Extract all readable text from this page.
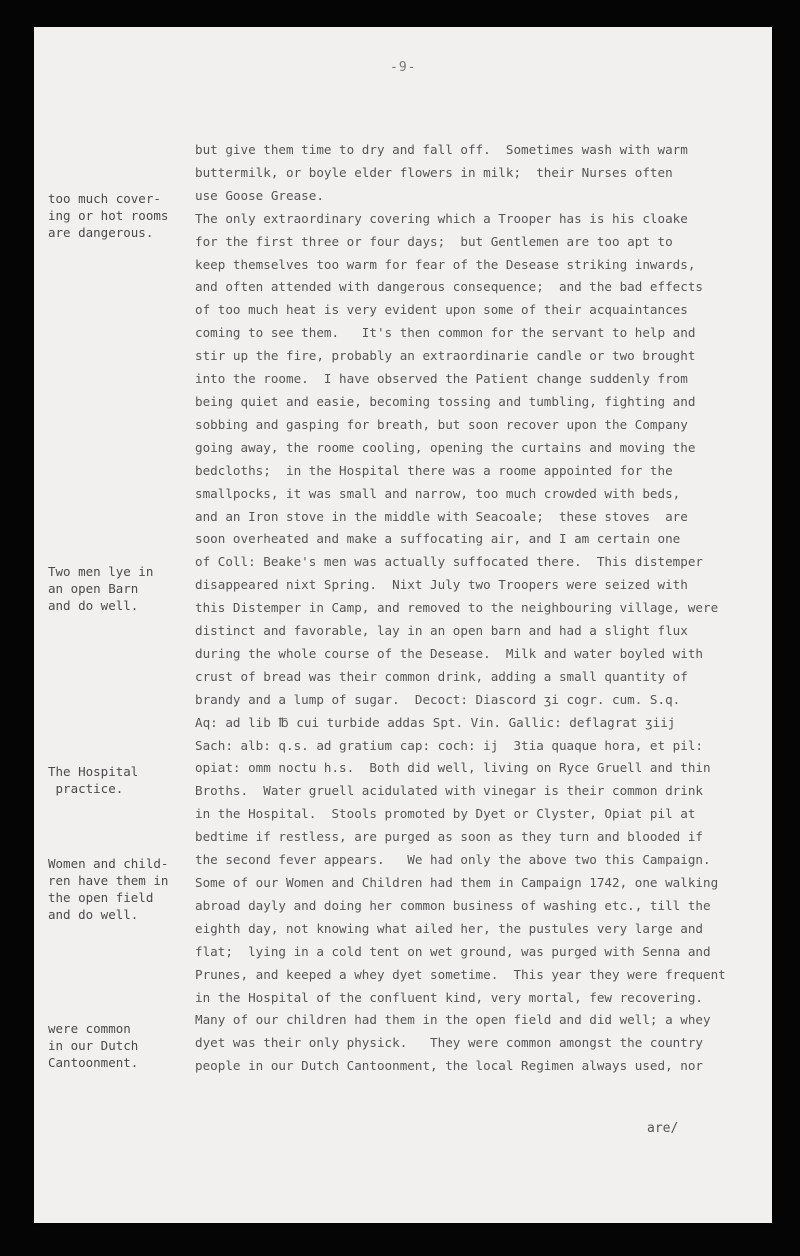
-9-
too much cover-
ing or hot rooms
are dangerous.
Two men lye in
an open Barn
and do well.
The Hospital
practice.
Women and child-
ren have them in
the open field
and do well.
were common
in our Dutch
Cantoonment.
but give them time to dry and fall off.  Sometimes wash with warm
buttermilk, or boyle elder flowers in milk;  their Nurses often
use Goose Grease.
The only extraordinary covering which a Trooper has is his cloake
for the first three or four days;  but Gentlemen are too apt to
keep themselves too warm for fear of the Desease striking inwards,
and often attended with dangerous consequence;  and the bad effects
of too much heat is very evident upon some of their acquaintances
coming to see them.   It's then common for the servant to help and
stir up the fire, probably an extraordinarie candle or two brought
into the roome.  I have observed the Patient change suddenly from
being quiet and easie, becoming tossing and tumbling, fighting and
sobbing and gasping for breath, but soon recover upon the Company
going away, the roome cooling, opening the curtains and moving the
bedcloths;  in the Hospital there was a roome appointed for the
smallpocks, it was small and narrow, too much crowded with beds,
and an Iron stove in the middle with Seacoale;  these stoves  are
soon overheated and make a suffocating air, and I am certain one
of Coll: Beake's men was actually suffocated there.  This distemper
disappeared nixt Spring.  Nixt July two Troopers were seized with
this Distemper in Camp, and removed to the neighbouring village, were
distinct and favorable, lay in an open barn and had a slight flux
during the whole course of the Desease.  Milk and water boyled with
crust of bread was their common drink, adding a small quantity of
brandy and a lump of sugar.  Decoct: Diascord ʒi cogr. cum. S.q.
Aq: ad lib ℔ cui turbide addas Spt. Vin. Gallic: deflagrat ʒiij
Sach: alb: q.s. ad gratium cap: coch: ij  3tia quaque hora, et pil:
opiat: omm noctu h.s.  Both did well, living on Ryce Gruell and thin
Broths.  Water gruell acidulated with vinegar is their common drink
in the Hospital.  Stools promoted by Dyet or Clyster, Opiat pil at
bedtime if restless, are purged as soon as they turn and blooded if
the second fever appears.   We had only the above two this Campaign.
Some of our Women and Children had them in Campaign 1742, one walking
abroad dayly and doing her common business of washing etc., till the
eighth day, not knowing what ailed her, the pustules very large and
flat;  lying in a cold tent on wet ground, was purged with Senna and
Prunes, and keeped a whey dyet sometime.  This year they were frequent
in the Hospital of the confluent kind, very mortal, few recovering.
Many of our children had them in the open field and did well; a whey
dyet was their only physick.   They were common amongst the country
people in our Dutch Cantoonment, the local Regimen always used, nor
are/
